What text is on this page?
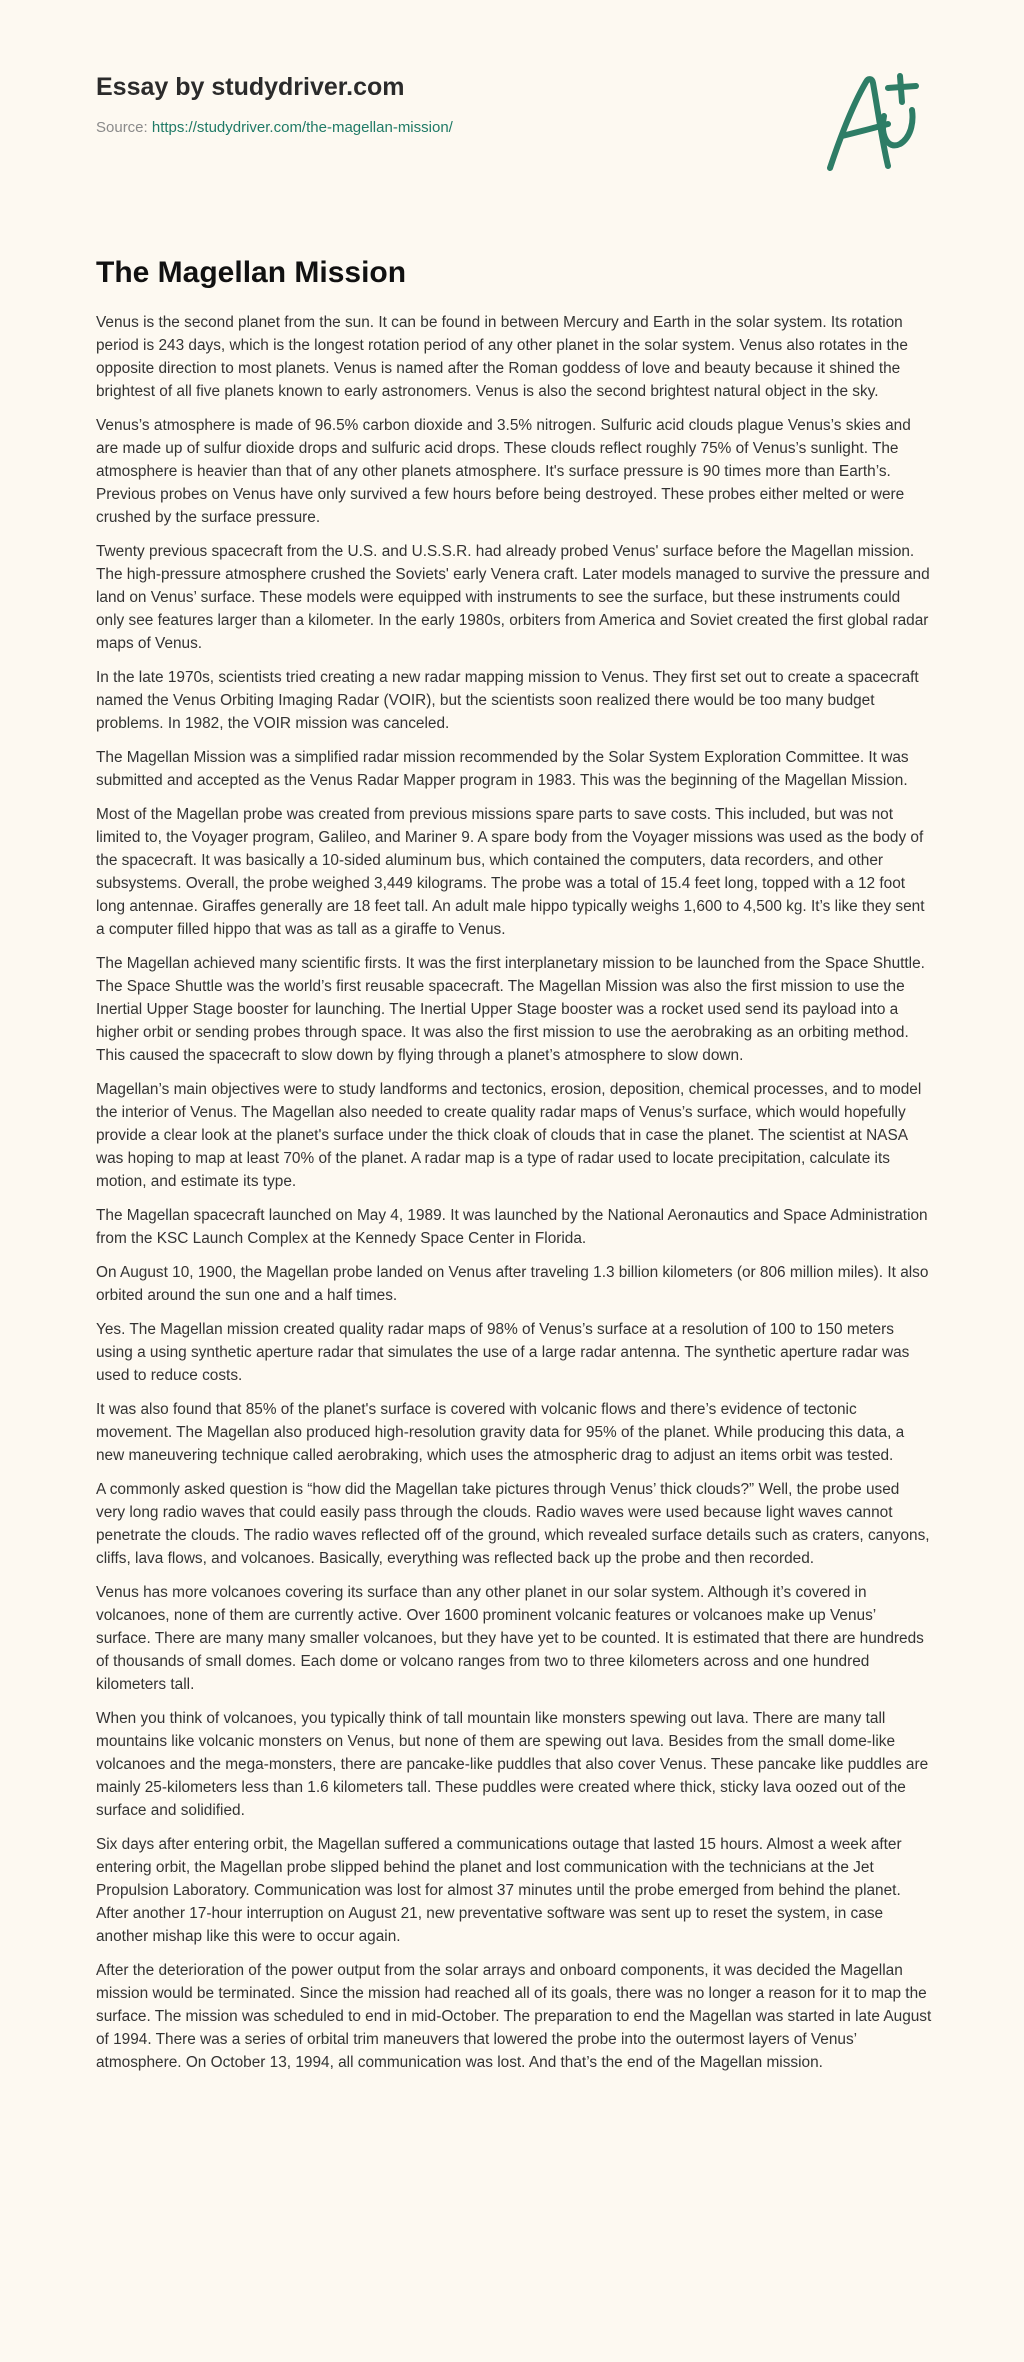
Essay by studydriver.com
Source: https://studydriver.com/the-magellan-mission/
The Magellan Mission

Venus is the second planet from the sun. It can be found in between Mercury and Earth in the solar system. Its rotation period is 243 days, which is the longest rotation period of any other planet in the solar system. Venus also rotates in the opposite direction to most planets. Venus is named after the Roman goddess of love and beauty because it shined the brightest of all five planets known to early astronomers. Venus is also the second brightest natural object in the sky.

Venus’s atmosphere is made of 96.5% carbon dioxide and 3.5% nitrogen. Sulfuric acid clouds plague Venus’s skies and are made up of sulfur dioxide drops and sulfuric acid drops. These clouds reflect roughly 75% of Venus’s sunlight. The atmosphere is heavier than that of any other planets atmosphere. It's surface pressure is 90 times more than Earth’s. Previous probes on Venus have only survived a few hours before being destroyed. These probes either melted or were crushed by the surface pressure.

Twenty previous spacecraft from the U.S. and U.S.S.R. had already probed Venus' surface before the Magellan mission. The high-pressure atmosphere crushed the Soviets' early Venera craft. Later models managed to survive the pressure and land on Venus’ surface. These models were equipped with instruments to see the surface, but these instruments could only see features larger than a kilometer. In the early 1980s, orbiters from America and Soviet created the first global radar maps of Venus.

In the late 1970s, scientists tried creating a new radar mapping mission to Venus. They first set out to create a spacecraft named the Venus Orbiting Imaging Radar (VOIR), but the scientists soon realized there would be too many budget problems. In 1982, the VOIR mission was canceled.

The Magellan Mission was a simplified radar mission recommended by the Solar System Exploration Committee. It was submitted and accepted as the Venus Radar Mapper program in 1983. This was the beginning of the Magellan Mission.

Most of the Magellan probe was created from previous missions spare parts to save costs. This included, but was not limited to, the Voyager program, Galileo, and Mariner 9. A spare body from the Voyager missions was used as the body of the spacecraft. It was basically a 10-sided aluminum bus, which contained the computers, data recorders, and other subsystems. Overall, the probe weighed 3,449 kilograms. The probe was a total of 15.4 feet long, topped with a 12 foot long antennae. Giraffes generally are 18 feet tall. An adult male hippo typically weighs 1,600 to 4,500 kg. It’s like they sent a computer filled hippo that was as tall as a giraffe to Venus.

The Magellan achieved many scientific firsts. It was the first interplanetary mission to be launched from the Space Shuttle. The Space Shuttle was the world’s first reusable spacecraft. The Magellan Mission was also the first mission to use the Inertial Upper Stage booster for launching. The Inertial Upper Stage booster was a rocket used send its payload into a higher orbit or sending probes through space. It was also the first mission to use the aerobraking as an orbiting method. This caused the spacecraft to slow down by flying through a planet’s atmosphere to slow down.

Magellan’s main objectives were to study landforms and tectonics, erosion, deposition, chemical processes, and to model the interior of Venus. The Magellan also needed to create quality radar maps of Venus’s surface, which would hopefully provide a clear look at the planet's surface under the thick cloak of clouds that in case the planet. The scientist at NASA was hoping to map at least 70% of the planet. A radar map is a type of radar used to locate precipitation, calculate its motion, and estimate its type.

The Magellan spacecraft launched on May 4, 1989. It was launched by the National Aeronautics and Space Administration from the KSC Launch Complex at the Kennedy Space Center in Florida.

On August 10, 1900, the Magellan probe landed on Venus after traveling 1.3 billion kilometers (or 806 million miles). It also orbited around the sun one and a half times.

Yes. The Magellan mission created quality radar maps of 98% of Venus’s surface at a resolution of 100 to 150 meters using a using synthetic aperture radar that simulates the use of a large radar antenna. The synthetic aperture radar was used to reduce costs.

It was also found that 85% of the planet's surface is covered with volcanic flows and there’s evidence of tectonic movement. The Magellan also produced high-resolution gravity data for 95% of the planet. While producing this data, a new maneuvering technique called aerobraking, which uses the atmospheric drag to adjust an items orbit was tested.

A commonly asked question is “how did the Magellan take pictures through Venus’ thick clouds?” Well, the probe used very long radio waves that could easily pass through the clouds. Radio waves were used because light waves cannot penetrate the clouds. The radio waves reflected off of the ground, which revealed surface details such as craters, canyons, cliffs, lava flows, and volcanoes. Basically, everything was reflected back up the probe and then recorded.

Venus has more volcanoes covering its surface than any other planet in our solar system. Although it’s covered in volcanoes, none of them are currently active. Over 1600 prominent volcanic features or volcanoes make up Venus’ surface. There are many many smaller volcanoes, but they have yet to be counted. It is estimated that there are hundreds of thousands of small domes. Each dome or volcano ranges from two to three kilometers across and one hundred kilometers tall.

When you think of volcanoes, you typically think of tall mountain like monsters spewing out lava. There are many tall mountains like volcanic monsters on Venus, but none of them are spewing out lava. Besides from the small dome-like volcanoes and the mega-monsters, there are pancake-like puddles that also cover Venus. These pancake like puddles are mainly 25-kilometers less than 1.6 kilometers tall. These puddles were created where thick, sticky lava oozed out of the surface and solidified.

Six days after entering orbit, the Magellan suffered a communications outage that lasted 15 hours. Almost a week after entering orbit, the Magellan probe slipped behind the planet and lost communication with the technicians at the Jet Propulsion Laboratory. Communication was lost for almost 37 minutes until the probe emerged from behind the planet. After another 17-hour interruption on August 21, new preventative software was sent up to reset the system, in case another mishap like this were to occur again.

After the deterioration of the power output from the solar arrays and onboard components, it was decided the Magellan mission would be terminated. Since the mission had reached all of its goals, there was no longer a reason for it to map the surface. The mission was scheduled to end in mid-October. The preparation to end the Magellan was started in late August of 1994. There was a series of orbital trim maneuvers that lowered the probe into the outermost layers of Venus’ atmosphere. On October 13, 1994, all communication was lost. And that’s the end of the Magellan mission.
